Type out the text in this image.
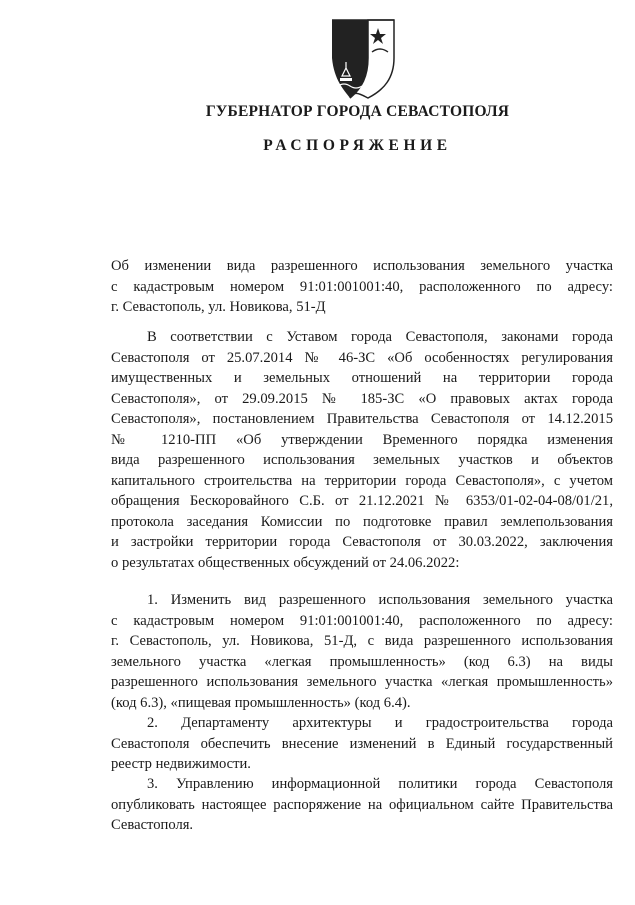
ГУБЕРНАТОР ГОРОДА СЕВАСТОПОЛЯ
РАСПОРЯЖЕНИЕ
Об изменении вида разрешенного использования земельного участка
с кадастровым номером 91:01:001001:40, расположенного по адресу:
г. Севастополь, ул. Новикова, 51-Д
В соответствии с Уставом города Севастополя, законами города
Севастополя от 25.07.2014 № 46-ЗС «Об особенностях регулирования
имущественных и земельных отношений на территории города
Севастополя», от 29.09.2015 № 185-ЗС «О правовых актах города
Севастополя», постановлением Правительства Севастополя от 14.12.2015
№ 1210-ПП «Об утверждении Временного порядка изменения
вида разрешенного использования земельных участков и объектов
капитального строительства на территории города Севастополя», с учетом
обращения Бескоровайного С.Б. от 21.12.2021 № 6353/01-02-04-08/01/21,
протокола заседания Комиссии по подготовке правил землепользования
и застройки территории города Севастополя от 30.03.2022, заключения
о результатах общественных обсуждений от 24.06.2022:
1. Изменить вид разрешенного использования земельного участка
с кадастровым номером 91:01:001001:40, расположенного по адресу:
г. Севастополь, ул. Новикова, 51-Д, с вида разрешенного использования
земельного участка «легкая промышленность» (код 6.3) на виды
разрешенного использования земельного участка «легкая промышленность»
(код 6.3), «пищевая промышленность» (код 6.4).
2. Департаменту архитектуры и градостроительства города
Севастополя обеспечить внесение изменений в Единый государственный
реестр недвижимости.
3. Управлению информационной политики города Севастополя
опубликовать настоящее распоряжение на официальном сайте Правительства
Севастополя.
